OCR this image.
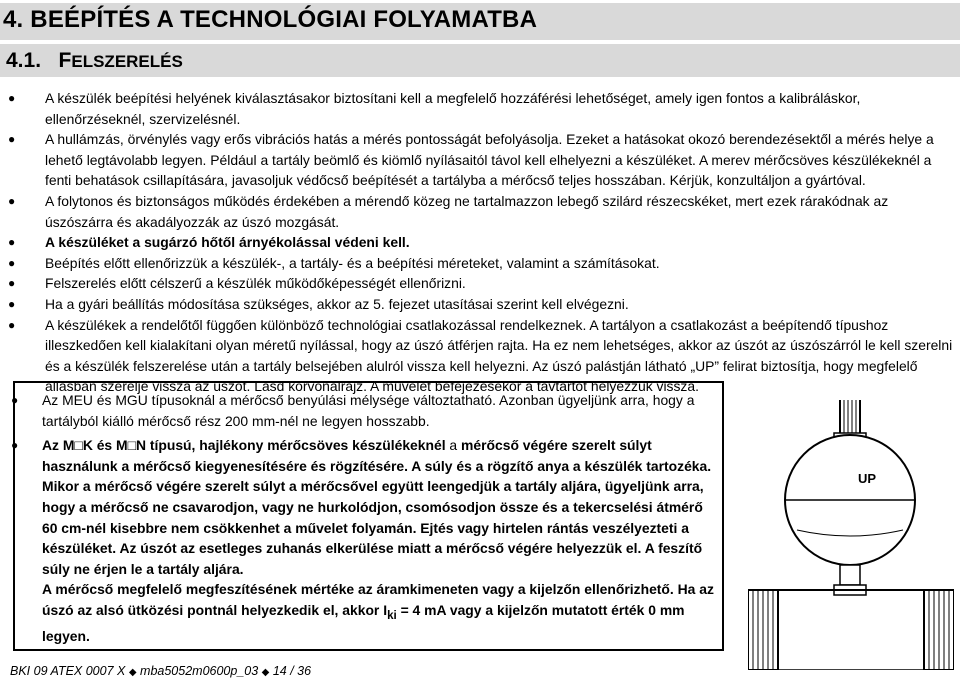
4. BEÉPÍTÉS A TECHNOLÓGIAI FOLYAMATBA
4.1. FELSZERELÉS
● A készülék beépítési helyének kiválasztásakor biztosítani kell a megfelelő hozzáférési lehetőséget, amely igen fontos a kalibráláskor, ellenőrzéseknél, szervizelésnél.
● A hullámzás, örvénylés vagy erős vibrációs hatás a mérés pontosságát befolyásolja. Ezeket a hatásokat okozó berendezésektől a mérés helye a lehető legtávolabb legyen. Például a tartály beömlő és kiömlő nyílásaitól távol kell elhelyezni a készüléket. A merev mérőcsöves készülékeknél a fenti behatások csillapítására, javasoljuk védőcső beépítését a tartályba a mérőcső teljes hosszában. Kérjük, konzultáljon a gyártóval.
● A folytonos és biztonságos működés érdekében a mérendő közeg ne tartalmazzon lebegő szilárd részecskéket, mert ezek rárakódnak az úszószárra és akadályozzák az úszó mozgását.
● A készüléket a sugárzó hőtől árnyékolással védeni kell.
● Beépítés előtt ellenőrizzük a készülék-, a tartály- és a beépítési méreteket, valamint a számításokat.
● Felszerelés előtt célszerű a készülék működőképességét ellenőrizni.
● Ha a gyári beállítás módosítása szükséges, akkor az 5. fejezet utasításai szerint kell elvégezni.
● A készülékek a rendelőtől függően különböző technológiai csatlakozással rendelkeznek. A tartályon a csatlakozást a beépítendő típushoz illeszkedően kell kialakítani olyan méretű nyílással, hogy az úszó átférjen rajta. Ha ez nem lehetséges, akkor az úszót az úszószárról le kell szerelni és a készülék felszerelése után a tartály belsejében alulról vissza kell helyezni. Az úszó palástján látható „UP” felirat biztosítja, hogy megfelelő állásban szerelje vissza az úszót. Lásd körvonalrajz. A művelet befejezésekor a távtartót helyezzük vissza.
● Az MEU és MGU típusoknál a mérőcső benyúlási mélysége változtatható. Azonban ügyeljünk arra, hogy a tartályból kiálló mérőcső rész 200 mm-nél ne legyen hosszabb.
● Az M□K és M□N típusú, hajlékony mérőcsöves készülékeknél a mérőcső végére szerelt súlyt használunk a mérőcső kiegyenesítésére és rögzítésére. A súly és a rögzítő anya a készülék tartozéka.
Mikor a mérőcső végére szerelt súlyt a mérőcsővel együtt leengedjük a tartály aljára, ügyeljünk arra, hogy a mérőcső ne csavarodjon, vagy ne hurkolódjon, csomósodjon össze és a tekercselési átmérő 60 cm-nél kisebbre nem csökkenhet a művelet folyamán. Ejtés vagy hirtelen rántás veszélyezteti a készüléket. Az úszót az esetleges zuhanás elkerülése miatt a mérőcső végére helyezzük el. A feszítő súly ne érjen le a tartály aljára.
A mérőcső megfelelő megfeszítésének mértéke az áramkimeneten vagy a kijelzőn ellenőrizhető. Ha az úszó az alsó ütközési pontnál helyezkedik el, akkor $I_{ki} = 4$ mA vagy a kijelzőn mutatott érték 0 mm legyen.
UP
BKI 09 ATEX 0007 X ◆ mba5052m0600p_03 ◆ 14 / 36
